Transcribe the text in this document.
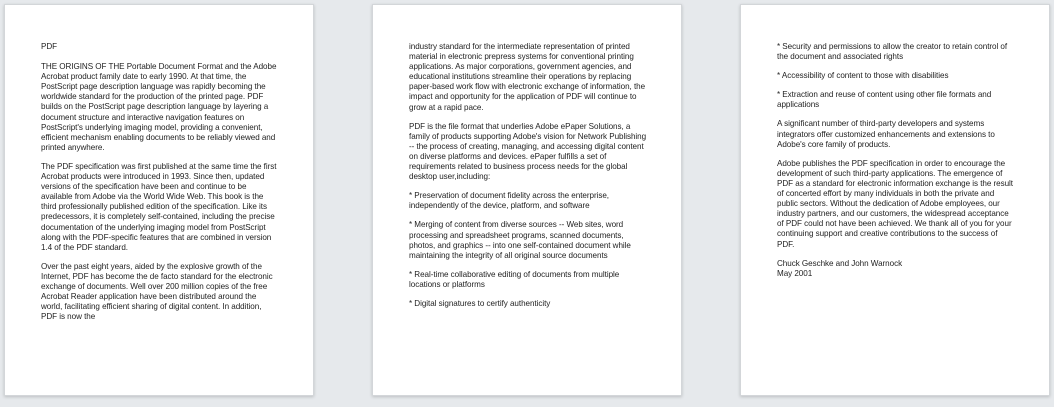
PDF

THE ORIGINS OF THE Portable Document Format and the Adobe Acrobat product family date to early 1990. At that time, the PostScript page description language was rapidly becoming the worldwide standard for the production of the printed page. PDF builds on the PostScript page description language by layering a document structure and interactive navigation features on PostScript's underlying imaging model, providing a convenient, efficient mechanism enabling documents to be reliably viewed and printed anywhere.

The PDF specification was first published at the same time the first Acrobat products were introduced in 1993. Since then, updated versions of the specification have been and continue to be available from Adobe via the World Wide Web. This book is the third professionally published edition of the specification. Like its predecessors, it is completely self-contained, including the precise documentation of the underlying imaging model from PostScript along with the PDF-specific features that are combined in version 1.4 of the PDF standard.

Over the past eight years, aided by the explosive growth of the Internet, PDF has become the de facto standard for the electronic exchange of documents. Well over 200 million copies of the free Acrobat Reader application have been distributed around the world, facilitating efficient sharing of digital content. In addition, PDF is now the

industry standard for the intermediate representation of printed material in electronic prepress systems for conventional printing applications. As major corporations, government agencies, and educational institutions streamline their operations by replacing paper-based work flow with electronic exchange of information, the impact and opportunity for the application of PDF will continue to grow at a rapid pace.

PDF is the file format that underlies Adobe ePaper Solutions, a family of products supporting Adobe's vision for Network Publishing -- the process of creating, managing, and accessing digital content on diverse platforms and devices. ePaper fulfills a set of requirements related to business process needs for the global desktop user,including:

* Preservation of document fidelity across the enterprise, independently of the device, platform, and software

* Merging of content from diverse sources -- Web sites, word processing and spreadsheet programs, scanned documents, photos, and graphics -- into one self-contained document while maintaining the integrity of all original source documents

* Real-time collaborative editing of documents from multiple locations or platforms

* Digital signatures to certify authenticity

* Security and permissions to allow the creator to retain control of the document and associated rights

* Accessibility of content to those with disabilities

* Extraction and reuse of content using other file formats and applications

A significant number of third-party developers and systems integrators offer customized enhancements and extensions to Adobe's core family of products.

Adobe publishes the PDF specification in order to encourage the development of such third-party applications. The emergence of PDF as a standard for electronic information exchange is the result of concerted effort by many individuals in both the private and public sectors. Without the dedication of Adobe employees, our industry partners, and our customers, the widespread acceptance of PDF could not have been achieved. We thank all of you for your continuing support and creative contributions to the success of PDF.

Chuck Geschke and John Warnock

May 2001
